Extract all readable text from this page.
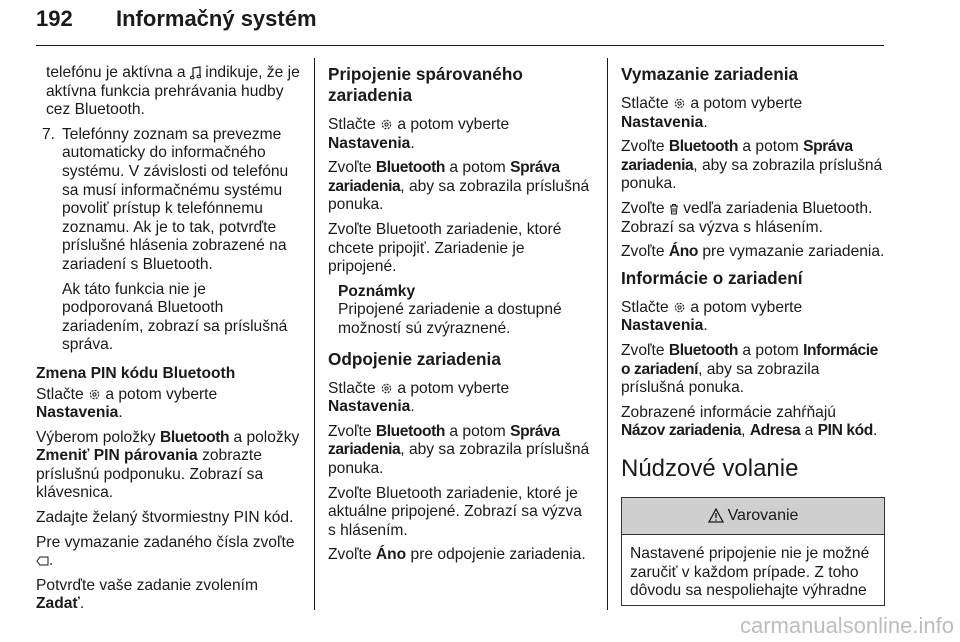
192 Informačný systém

telefónu je aktívna a indikuje, že je aktívna funkcia prehrávania hudby cez Bluetooth.

7. Telefónny zoznam sa prevezme automaticky do informačného systému. V závislosti od telefónu sa musí informačnému systému povoliť prístup k telefónnemu zoznamu. Ak je to tak, potvrďte príslušné hlásenia zobrazené na zariadení s Bluetooth.

Ak táto funkcia nie je podporovaná Bluetooth zariadením, zobrazí sa príslušná správa.

Zmena PIN kódu Bluetooth

Stlačte a potom vyberte
Nastavenia.

Výberom položky Bluetooth a položky Zmeniť PIN párovania zobrazte príslušnú podponuku. Zobrazí sa klávesnica.

Zadajte želaný štvormiestny PIN kód.

Pre vymazanie zadaného čísla zvoľte
.

Potvrďte vaše zadanie zvolením
Zadať.

Pripojenie spárovaného zariadenia

Stlačte a potom vyberte
Nastavenia.

Zvoľte Bluetooth a potom Správa zariadenia, aby sa zobrazila príslušná ponuka.

Zvoľte Bluetooth zariadenie, ktoré chcete pripojiť. Zariadenie je pripojené.

Poznámky
Pripojené zariadenie a dostupné možností sú zvýraznené.
Odpojenie zariadenia

Stlačte a potom vyberte
Nastavenia.

Zvoľte Bluetooth a potom Správa zariadenia, aby sa zobrazila príslušná ponuka.

Zvoľte Bluetooth zariadenie, ktoré je aktuálne pripojené. Zobrazí sa výzva s hlásením.

Zvoľte Áno pre odpojenie zariadenia.

Vymazanie zariadenia

Stlačte a potom vyberte
Nastavenia.

Zvoľte Bluetooth a potom Správa zariadenia, aby sa zobrazila príslušná ponuka.

Zvoľte vedľa zariadenia Bluetooth. Zobrazí sa výzva s hlásením.

Zvoľte Áno pre vymazanie zariadenia.

Informácie o zariadení

Stlačte a potom vyberte
Nastavenia.

Zvoľte Bluetooth a potom Informácie o zariadení, aby sa zobrazila príslušná ponuka.

Zobrazené informácie zahŕňajú
Názov zariadenia, Adresa a PIN kód.

Núdzové volanie
Varovanie
Nastavené pripojenie nie je možné zaručiť v každom prípade. Z toho dôvodu sa nespoliehajte výhradne
carmanualsonline.info
